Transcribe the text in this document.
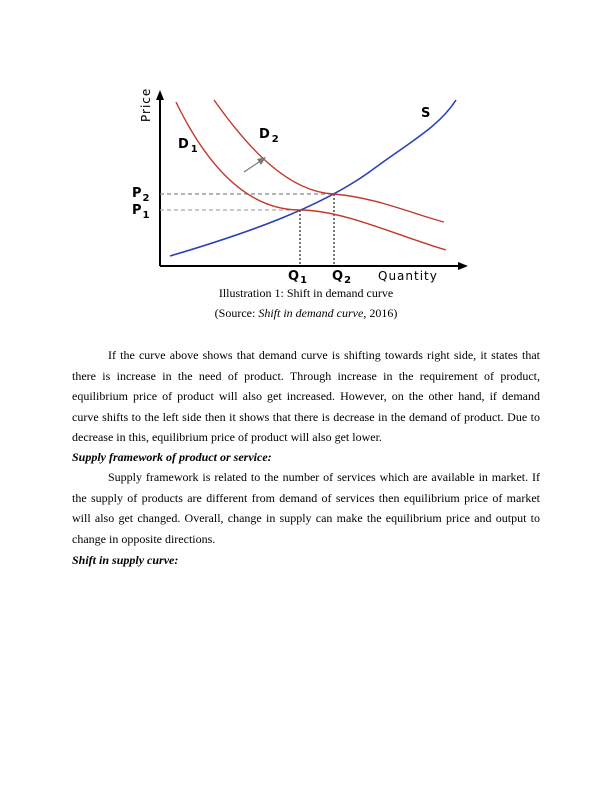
Price
Quantity
S
D $_1$
D $_2$
$P_2$
$P_1$
$Q_1$ $Q_2$
Illustration 1: Shift in demand curve
(Source: Shift in demand curve, 2016)

If the curve above shows that demand curve is shifting towards right side, it states that there is increase in the need of product. Through increase in the requirement of product, equilibrium price of product will also get increased. However, on the other hand, if demand curve shifts to the left side then it shows that there is decrease in the demand of product. Due to decrease in this, equilibrium price of product will also get lower.

Supply framework of product or service:

Supply framework is related to the number of services which are available in market. If the supply of products are different from demand of services then equilibrium price of market will also get changed. Overall, change in supply can make the equilibrium price and output to change in opposite directions.

Shift in supply curve:
